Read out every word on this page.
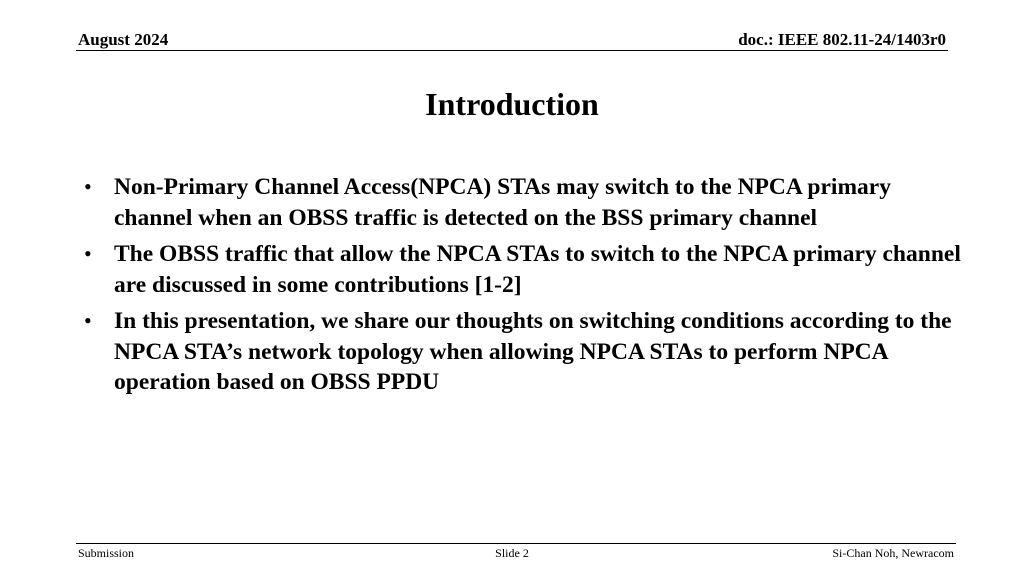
August 2024	doc.: IEEE 802.11-24/1403r0
Introduction
• Non-Primary Channel Access(NPCA) STAs may switch to the NPCA primary channel when an OBSS traffic is detected on the BSS primary channel
• The OBSS traffic that allow the NPCA STAs to switch to the NPCA primary channel are discussed in some contributions [1-2]
• In this presentation, we share our thoughts on switching conditions according to the NPCA STA’s network topology when allowing NPCA STAs to perform NPCA operation based on OBSS PPDU
Submission	Slide 2	Si-Chan Noh, Newracom
